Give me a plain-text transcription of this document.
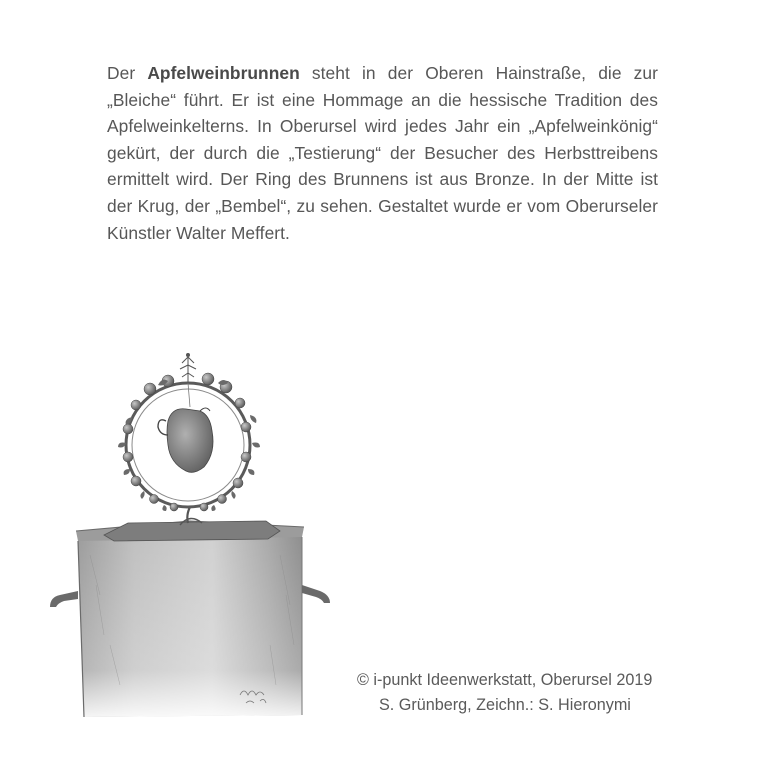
Der Apfelweinbrunnen steht in der Oberen Hainstraße, die zur „Bleiche“ führt. Er ist eine Hommage an die hessische Tradition des Apfelweinkelterns. In Oberursel wird jedes Jahr ein „Apfelweinkönig“ gekürt, der durch die „Testierung“ der Besucher des Herbsttreibens ermittelt wird. Der Ring des Brunnens ist aus Bronze. In der Mitte ist der Krug, der „Bembel“, zu sehen. Gestaltet wurde er vom Oberurseler Künstler Walter Meffert.
© i-punkt Ideenwerkstatt, Oberursel 2019
S. Grünberg, Zeichn.: S. Hieronymi
